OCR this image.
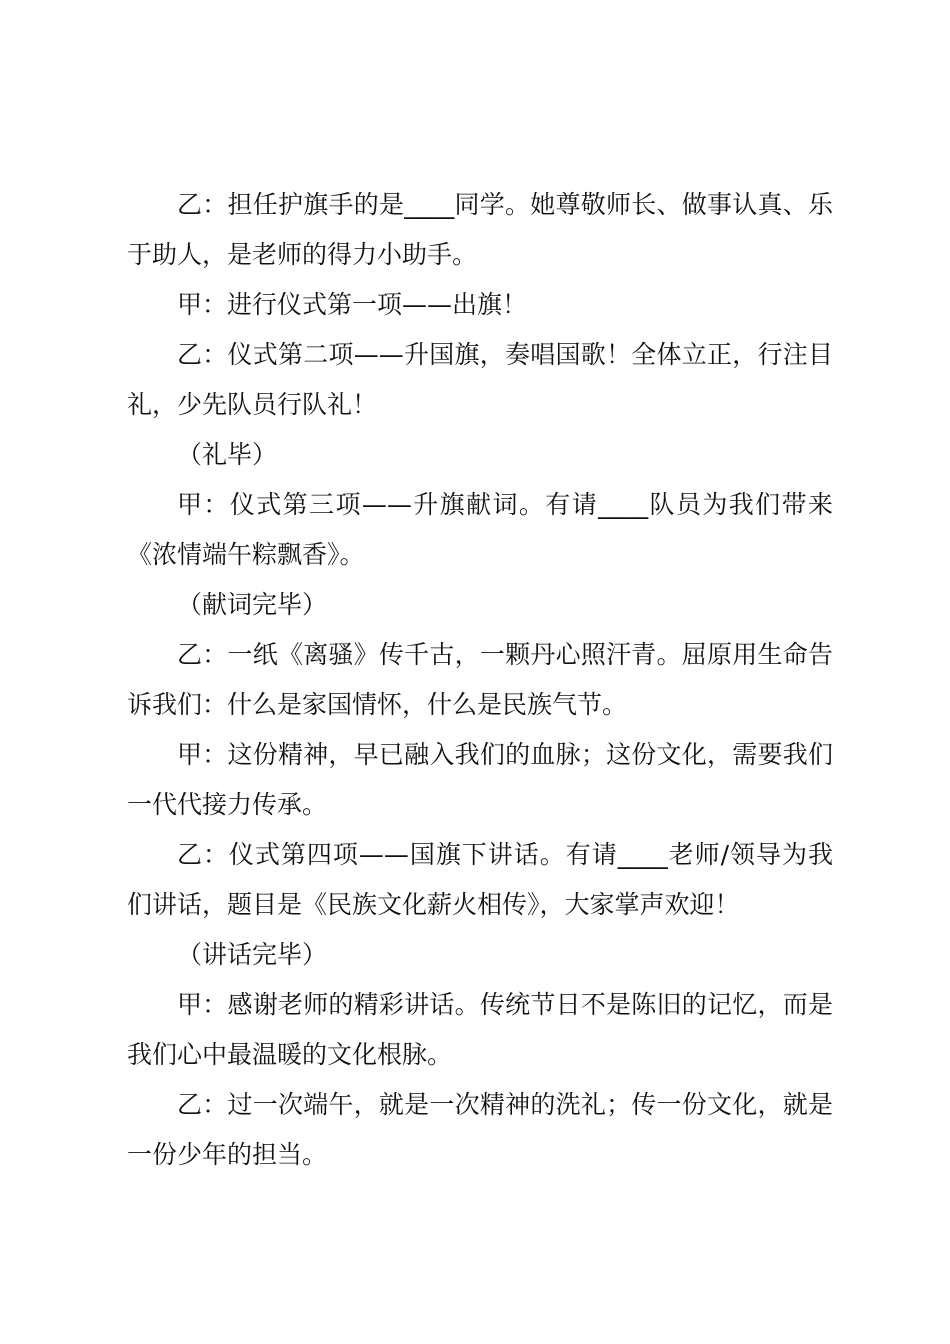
乙：担任护旗手的是____同学。她尊敬师长、做事认真、乐于助人，是老师的得力小助手。

甲：进行仪式第一项——出旗！

乙：仪式第二项——升国旗，奏唱国歌！全体立正，行注目礼，少先队员行队礼！

（礼毕）

甲：仪式第三项——升旗献词。有请____队员为我们带来《浓情端午粽飘香》。

（献词完毕）

乙：一纸《离骚》传千古，一颗丹心照汗青。屈原用生命告诉我们：什么是家国情怀，什么是民族气节。

甲：这份精神，早已融入我们的血脉；这份文化，需要我们一代代接力传承。

乙：仪式第四项——国旗下讲话。有请____老师/领导为我们讲话，题目是《民族文化薪火相传》，大家掌声欢迎！

（讲话完毕）

甲：感谢老师的精彩讲话。传统节日不是陈旧的记忆，而是我们心中最温暖的文化根脉。

乙：过一次端午，就是一次精神的洗礼；传一份文化，就是一份少年的担当。
